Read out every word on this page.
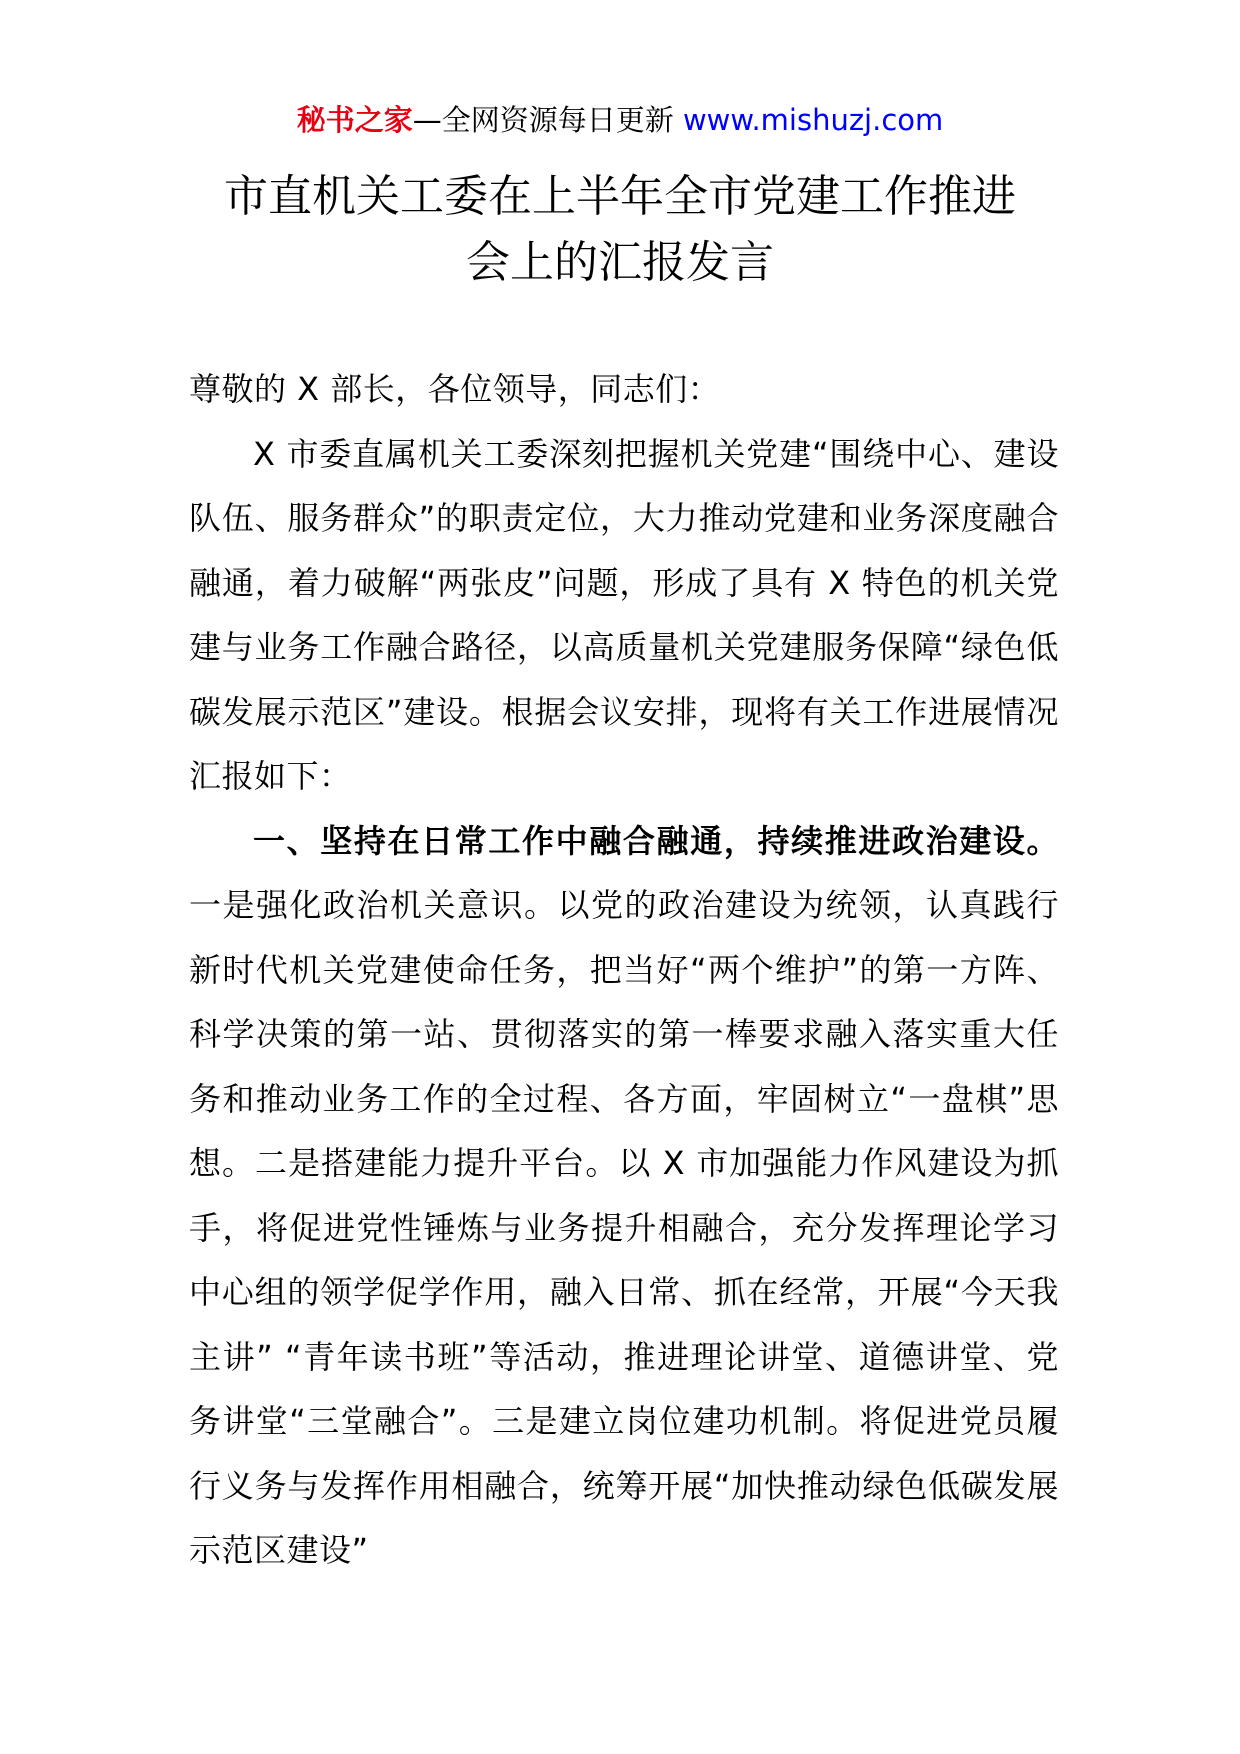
秘书之家—全网资源每日更新 www.mishuzj.com
市直机关工委在上半年全市党建工作推进
会上的汇报发言

尊敬的 X 部长，各位领导，同志们：

X 市委直属机关工委深刻把握机关党建“围绕中心、建设队伍、服务群众”的职责定位，大力推动党建和业务深度融合融通，着力破解“两张皮”问题，形成了具有 X 特色的机关党建与业务工作融合路径，以高质量机关党建服务保障“绿色低碳发展示范区”建设。根据会议安排，现将有关工作进展情况汇报如下：

一、坚持在日常工作中融合融通，持续推进政治建设。一是强化政治机关意识。以党的政治建设为统领，认真践行新时代机关党建使命任务，把当好“两个维护”的第一方阵、科学决策的第一站、贯彻落实的第一棒要求融入落实重大任务和推动业务工作的全过程、各方面，牢固树立“一盘棋”思想。二是搭建能力提升平台。以 X 市加强能力作风建设为抓手，将促进党性锤炼与业务提升相融合，充分发挥理论学习中心组的领学促学作用，融入日常、抓在经常，开展“今天我主讲” “青年读书班”等活动，推进理论讲堂、道德讲堂、党务讲堂“三堂融合”。三是建立岗位建功机制。将促进党员履行义务与发挥作用相融合，统筹开展“加快推动绿色低碳发展示范区建设”
